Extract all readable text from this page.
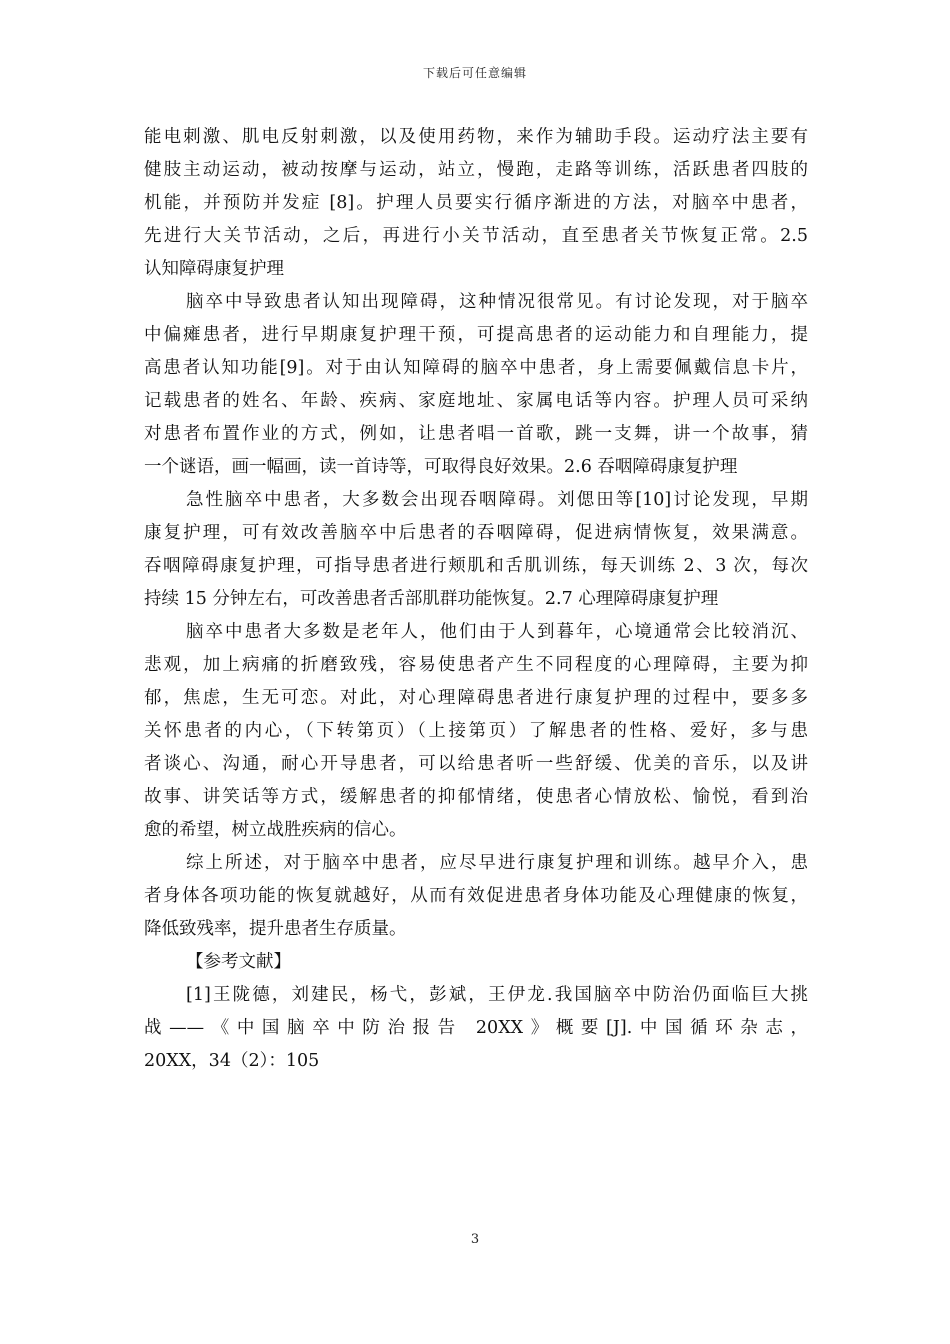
下载后可任意编辑
能电刺激、肌电反射刺激，以及使用药物，来作为辅助手段。运动疗法主要有
健肢主动运动，被动按摩与运动，站立，慢跑，走路等训练，活跃患者四肢的
机能，并预防并发症 [8]。护理人员要实行循序渐进的方法，对脑卒中患者，
先进行大关节活动，之后，再进行小关节活动，直至患者关节恢复正常。2.5
认知障碍康复护理
脑卒中导致患者认知出现障碍，这种情况很常见。有讨论发现，对于脑卒
中偏瘫患者，进行早期康复护理干预，可提高患者的运动能力和自理能力，提
高患者认知功能[9]。对于由认知障碍的脑卒中患者，身上需要佩戴信息卡片，
记载患者的姓名、年龄、疾病、家庭地址、家属电话等内容。护理人员可采纳
对患者布置作业的方式，例如，让患者唱一首歌，跳一支舞，讲一个故事，猜
一个谜语，画一幅画，读一首诗等，可取得良好效果。2.6 吞咽障碍康复护理
急性脑卒中患者，大多数会出现吞咽障碍。刘偲田等[10]讨论发现，早期
康复护理，可有效改善脑卒中后患者的吞咽障碍，促进病情恢复，效果满意。
吞咽障碍康复护理，可指导患者进行颊肌和舌肌训练，每天训练 2、3 次，每次
持续 15 分钟左右，可改善患者舌部肌群功能恢复。2.7 心理障碍康复护理
脑卒中患者大多数是老年人，他们由于人到暮年，心境通常会比较消沉、
悲观，加上病痛的折磨致残，容易使患者产生不同程度的心理障碍，主要为抑
郁，焦虑，生无可恋。对此，对心理障碍患者进行康复护理的过程中，要多多
关怀患者的内心，（下转第页）（上接第页）了解患者的性格、爱好，多与患
者谈心、沟通，耐心开导患者，可以给患者听一些舒缓、优美的音乐，以及讲
故事、讲笑话等方式，缓解患者的抑郁情绪，使患者心情放松、愉悦，看到治
愈的希望，树立战胜疾病的信心。
综上所述，对于脑卒中患者，应尽早进行康复护理和训练。越早介入，患
者身体各项功能的恢复就越好，从而有效促进患者身体功能及心理健康的恢复，
降低致残率，提升患者生存质量。
【参考文献】
[1]王陇德，刘建民，杨弋，彭斌，王伊龙.我国脑卒中防治仍面临巨大挑
战——《中国脑卒中防治报告 20XX》概要[J].中国循环杂志，
20XX，34（2）：105
3
